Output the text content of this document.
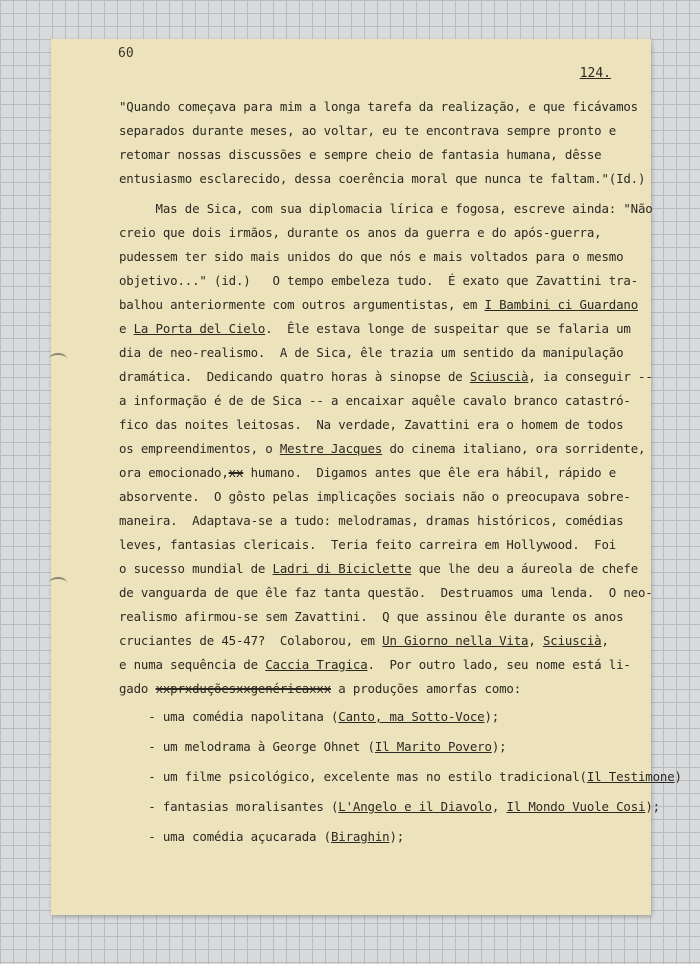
60
124.
"Quando começava para mim a longa tarefa da realização, e que ficávamos
separados durante meses, ao voltar, eu te encontrava sempre pronto e
retomar nossas discussões e sempre cheio de fantasia humana, dêsse
entusiasmo esclarecido, dessa coerência moral que nunca te faltam."(Id.)
Mas de Sica, com sua diplomacia lírica e fogosa, escreve ainda: "Não
creio que dois irmãos, durante os anos da guerra e do após-guerra,
pudessem ter sido mais unidos do que nós e mais voltados para o mesmo
objetivo..." (id.)   O tempo embeleza tudo.  É exato que Zavattini tra-
balhou anteriormente com outros argumentistas, em I Bambini ci Guardano
e La Porta del Cielo.  Êle estava longe de suspeitar que se falaria um
dia de neo-realismo.  A de Sica, êle trazia um sentido da manipulação
dramática.  Dedicando quatro horas à sinopse de Sciuscià, ia conseguir --
a informação é de de Sica -- a encaixar aquêle cavalo branco catastró-
fico das noites leitosas.  Na verdade, Zavattini era o homem de todos
os empreendimentos, o Mestre Jacques do cinema italiano, ora sorridente,
ora emocionado,xx humano.  Digamos antes que êle era hábil, rápido e
absorvente.  O gôsto pelas implicações sociais não o preocupava sobre-
maneira.  Adaptava-se a tudo: melodramas, dramas históricos, comédias
leves, fantasias clericais.  Teria feito carreira em Hollywood.  Foi
o sucesso mundial de Ladri di Biciclette que lhe deu a áureola de chefe
de vanguarda de que êle faz tanta questão.  Destruamos uma lenda.  O neo-
realismo afirmou-se sem Zavattini.  Q que assinou êle durante os anos
cruciantes de 45-47?  Colaborou, em Un Giorno nella Vita, Sciuscià,
e numa sequência de Caccia Tragica.  Por outro lado, seu nome está li-
gado xxprxduçõesxxgenéricaxxx a produções amorfas como:
- uma comédia napolitana (Canto, ma Sotto-Voce);
- um melodrama à George Ohnet (Il Marito Povero);
- um filme psicológico, excelente mas no estilo tradicional(Il Testimone)
- fantasias moralisantes (L'Angelo e il Diavolo, Il Mondo Vuole Cosi);
- uma comédia açucarada (Biraghin);
